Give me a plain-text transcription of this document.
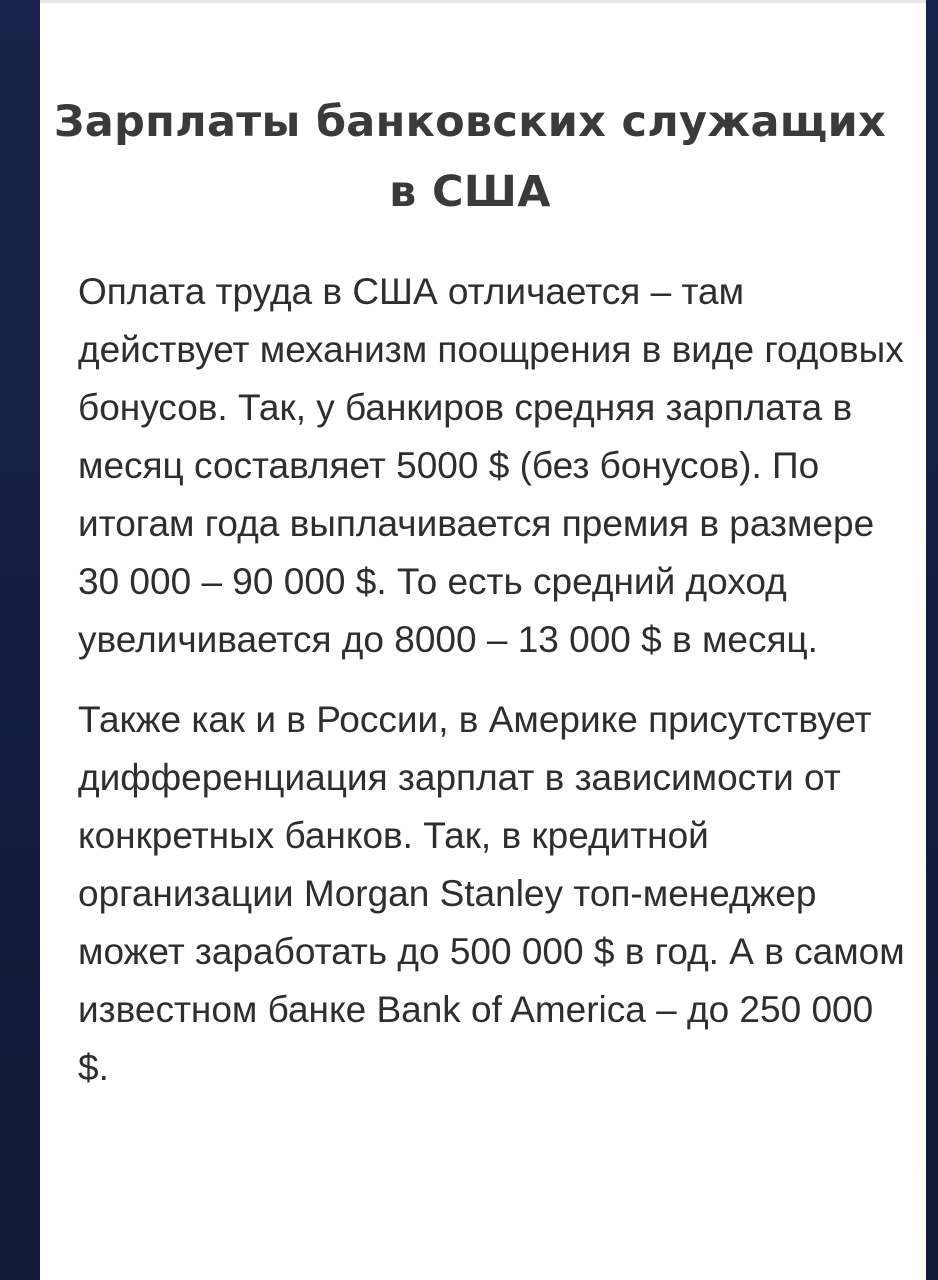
Зарплаты банковских служащих в США

Оплата труда в США отличается – там действует механизм поощрения в виде годовых бонусов. Так, у банкиров средняя зарплата в месяц составляет 5000 $ (без бонусов). По итогам года выплачивается премия в размере 30 000 – 90 000 $. То есть средний доход увеличивается до 8000 – 13 000 $ в месяц.

Также как и в России, в Америке присутствует дифференциация зарплат в зависимости от конкретных банков. Так, в кредитной организации Morgan Stanley топ-менеджер может заработать до 500 000 $ в год. А в самом известном банке Bank of America – до 250 000 $.
